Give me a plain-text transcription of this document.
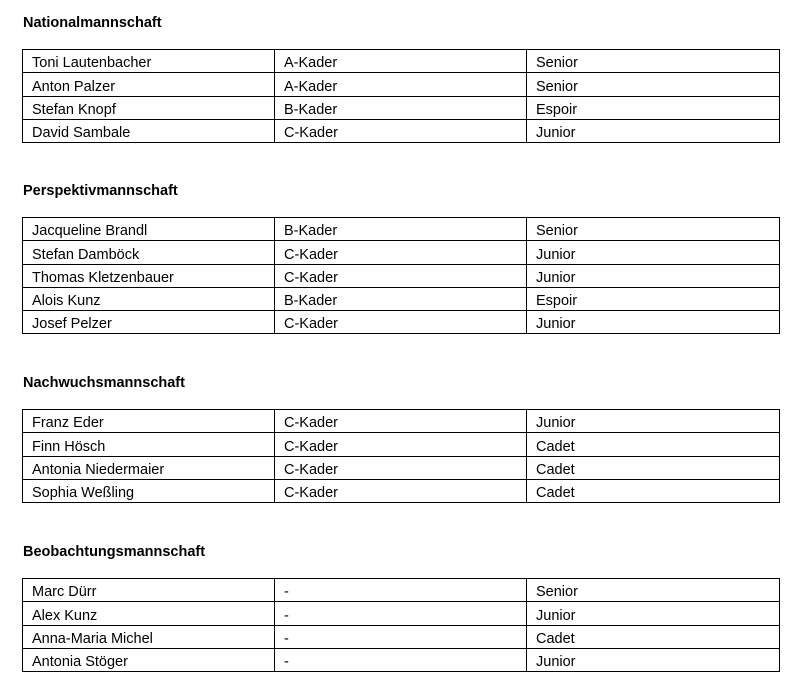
Nationalmannschaft
Toni Lautenbacher	A-Kader	Senior
Anton Palzer	A-Kader	Senior
Stefan Knopf	B-Kader	Espoir
David Sambale	C-Kader	Junior
Perspektivmannschaft
Jacqueline Brandl	B-Kader	Senior
Stefan Damböck	C-Kader	Junior
Thomas Kletzenbauer	C-Kader	Junior
Alois Kunz	B-Kader	Espoir
Josef Pelzer	C-Kader	Junior
Nachwuchsmannschaft
Franz Eder	C-Kader	Junior
Finn Hösch	C-Kader	Cadet
Antonia Niedermaier	C-Kader	Cadet
Sophia Weßling	C-Kader	Cadet
Beobachtungsmannschaft
Marc Dürr	-	Senior
Alex Kunz	-	Junior
Anna-Maria Michel	-	Cadet
Antonia Stöger	-	Junior
